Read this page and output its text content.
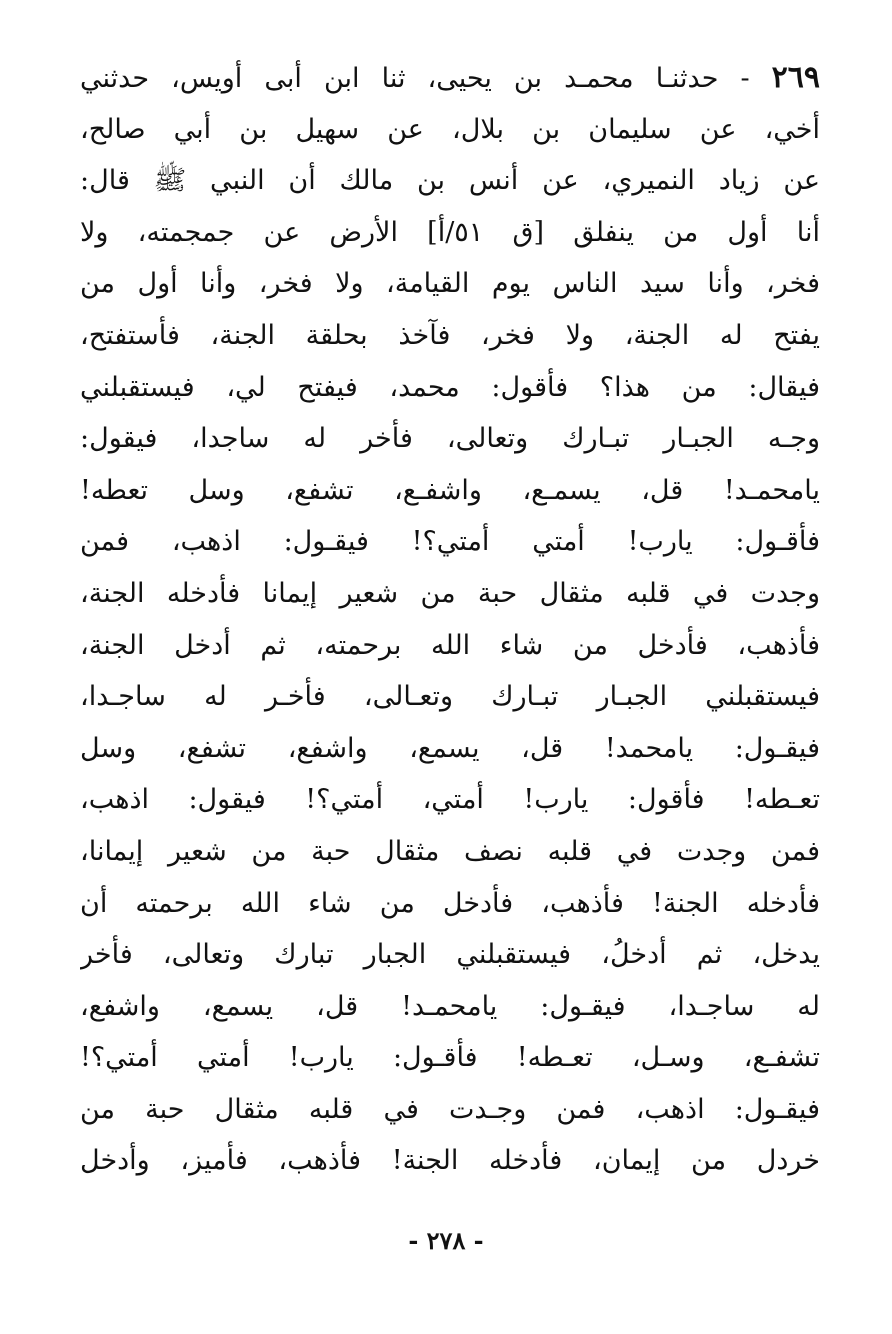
٢٦٩ - حدثنـا محمـد بن يحيى، ثنا ابن أبى أويس، حدثني
أخي، عن سليمان بن بلال، عن سهيل بن أبي صالح،
عن زياد النميري، عن أنس بن مالك أن النبي ﷺ قال:
أنا أول من ينفلق [ق ٥١/أ] الأرض عن جمجمته، ولا
فخر، وأنا سيد الناس يوم القيامة، ولا فخر، وأنا أول من
يفتح له الجنة، ولا فخر، فآخذ بحلقة الجنة، فأستفتح،
فيقال: من هذا؟ فأقول: محمد، فيفتح لي، فيستقبلني
وجـه الجبـار تبـارك وتعالى، فأخر له ساجدا، فيقول:
يامحمـد! قل، يسمـع، واشفـع، تشفع، وسل تعطه!
فأقـول: يارب! أمتي أمتي؟! فيقـول: اذهب، فمن
وجدت في قلبه مثقال حبة من شعير إيمانا فأدخله الجنة،
فأذهب، فأدخل من شاء الله برحمته، ثم أدخل الجنة،
فيستقبلني الجبـار تبـارك وتعـالى، فأخـر له ساجـدا،
فيقـول: يامحمد! قل، يسمع، واشفع، تشفع، وسل
تعـطه! فأقول: يارب! أمتي، أمتي؟! فيقول: اذهب،
فمن وجدت في قلبه نصف مثقال حبة من شعير إيمانا،
فأدخله الجنة! فأذهب، فأدخل من شاء الله برحمته أن
يدخل، ثم أدخلُ، فيستقبلني الجبار تبارك وتعالى، فأخر
له ساجـدا، فيقـول: يامحمـد! قل، يسمع، واشفع،
تشفـع، وسـل، تعـطه! فأقـول: يارب! أمتي أمتي؟!
فيقـول: اذهب، فمن وجـدت في قلبه مثقال حبة من
خردل من إيمان، فأدخله الجنة! فأذهب، فأميز، وأدخل
- ٢٧٨ -
